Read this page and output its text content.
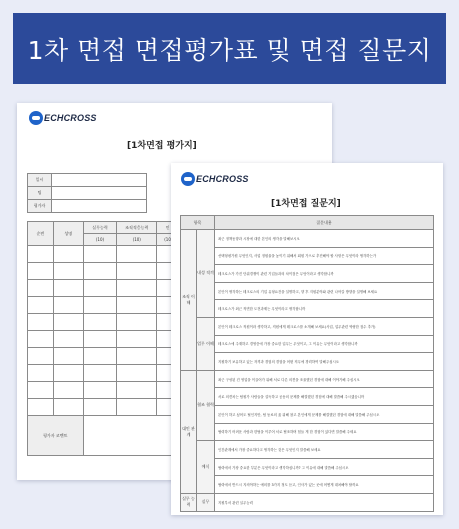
1차 면접 면접평가표 및 면접 질문지
ECHCROSS
[1차면접 평가지]
일시	
팀	
평가자	
순번	성명	실무능력	조직적응능력	인
		(10)	(10)	(10

평가자 코멘트				
ECHCROSS
[1차면접 질문지]
항목		질문내용
조직 이해	내성 적격	최근 정책동향과 시장에 대한 본인의 생각을 말해보시오
		선택형평가원 무엇인지, 사업 정원율을 높이기 위해서 회원 가으로 추진해야 할 사항은 무엇이라 생각하는가
		테크로스가 가진 단위경쟁이 관련 기업들과의 차이점은 무엇이라고 생각합니까
		본인이 생각하는 테크로스의 기업 유형요건을 설명하고, 향 후 지원분야와 관련 나아갈 방향을 설명해 보세요
		테크로스가 최근 직면한 도전과제는 무엇이라고 생각합니까
	업무 이해	본인이 테크로스 직원이라 생각하고, 직원에게 테크로스를 소개해 보세요(사업, 업무관련 역량한 점수 추가)
		테크로스에 주재하고 경영층에 가장 중요한 업무는 무엇이고, 그 이유는 무엇이라고 생각합니까
		지원하기 보유하고 있는 자격과 경험의 경험을 어떤 직무에 경력하여 말해주십시오
대인 관계	협조 협력	최근 구성된 건 영업을 이끌어가 위해 서로 다른 의견을 조율했던 경험에 대해 이야기해 주십시오
		서로 의견차는 팀원가 사람들을 설득하고 공동의 문제를 해결했던 경험에 대해 말씀해 주시겠습니까
		본인이 하고 싶어도 혈인지만, 팀 동료의 옳 위해 참고 본인에게 문제를 해결했던 경험에 대해 말씀해 주십시오
		협력하기 어려운 사람과 한팀을 이루어 서로 협조하며 힘들 게 한 경험이 있다면 말씀해 주세요
	예식	인간관계에서 가장 중요하다고 생각하는 것은 무엇인지 말씀해 보세요
		협력에서 가장 중요한 부분은 무엇이라고 생각하십니까? 그 이유에 대해 말씀해 주십시오
		협력에서 반드시 지켜야하는 예의를 3가지 정도 듣고, 인사가 있는 곳에 어떻게 대처해야 할까요
실무 능력	실무	지원부서 관련 실무능력
